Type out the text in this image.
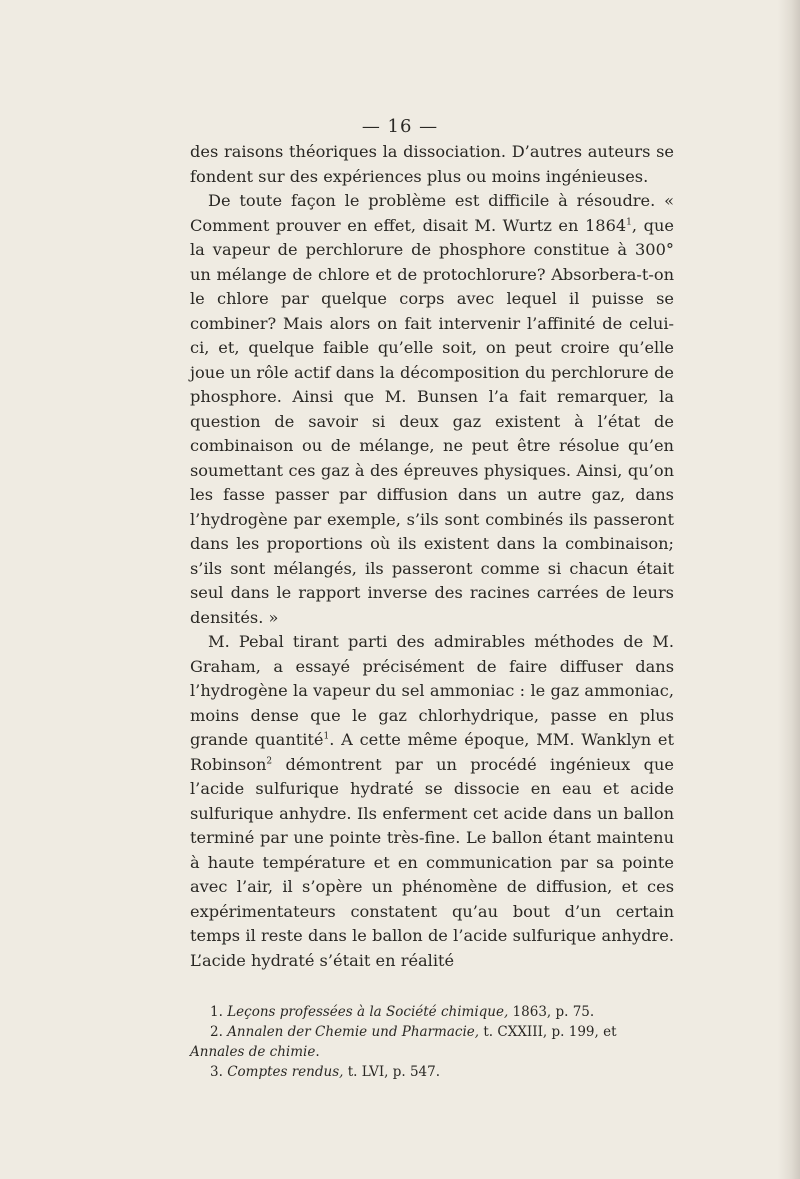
— 16 —

des raisons théoriques la dissociation. D’autres auteurs se fondent sur des expériences plus ou moins ingénieuses.

De toute façon le problème est difficile à résoudre. « Comment prouver en effet, disait M. Wurtz en 1864$^1$, que la vapeur de perchlorure de phosphore constitue à 300° un mélange de chlore et de protochlorure? Absorbera-t-on le chlore par quelque corps avec lequel il puisse se combiner? Mais alors on fait intervenir l’affinité de celui-ci, et, quelque faible qu’elle soit, on peut croire qu’elle joue un rôle actif dans la décomposition du perchlorure de phosphore. Ainsi que M. Bunsen l’a fait remarquer, la question de savoir si deux gaz existent à l’état de combinaison ou de mélange, ne peut être résolue qu’en soumettant ces gaz à des épreuves physiques. Ainsi, qu’on les fasse passer par diffusion dans un autre gaz, dans l’hydrogène par exemple, s’ils sont combinés ils passeront dans les proportions où ils existent dans la combinaison; s’ils sont mélangés, ils passeront comme si chacun était seul dans le rapport inverse des racines carrées de leurs densités. »

M. Pebal tirant parti des admirables méthodes de M. Graham, a essayé précisément de faire diffuser dans l’hydrogène la vapeur du sel ammoniac : le gaz ammoniac, moins dense que le gaz chlorhydrique, passe en plus grande quantité$^1$. A cette même époque, MM. Wanklyn et Robinson$^2$ démontrent par un procédé ingénieux que l’acide sulfurique hydraté se dissocie en eau et acide sulfurique anhydre. Ils enferment cet acide dans un ballon terminé par une pointe très-fine. Le ballon étant maintenu à haute température et en communication par sa pointe avec l’air, il s’opère un phénomène de diffusion, et ces expérimentateurs constatent qu’au bout d’un certain temps il reste dans le ballon de l’acide sulfurique anhydre. L’acide hydraté s’était en réalité

1. Leçons professées à la Société chimique, 1863, p. 75.

2. Annalen der Chemie und Pharmacie, t. CXXIII, p. 199, et Annales de chimie.

3. Comptes rendus, t. LVI, p. 547.
